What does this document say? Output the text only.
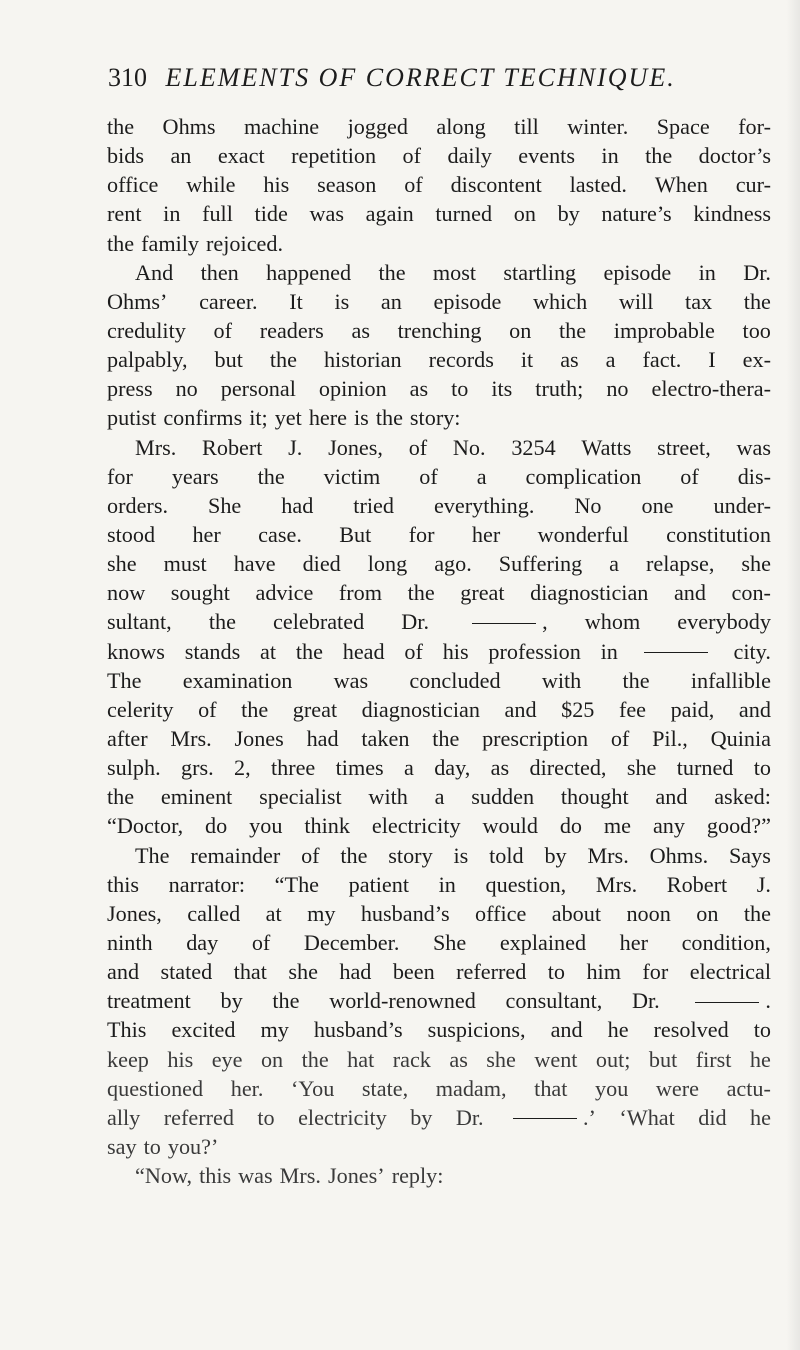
310 ELEMENTS OF CORRECT TECHNIQUE.
the Ohms machine jogged along till winter. Space for-
bids an exact repetition of daily events in the doctor’s
office while his season of discontent lasted. When cur-
rent in full tide was again turned on by nature’s kindness
the family rejoiced.
And then happened the most startling episode in Dr.
Ohms’ career. It is an episode which will tax the
credulity of readers as trenching on the improbable too
palpably, but the historian records it as a fact. I ex-
press no personal opinion as to its truth; no electro-thera-
putist confirms it; yet here is the story:
Mrs. Robert J. Jones, of No. 3254 Watts street, was
for years the victim of a complication of dis-
orders. She had tried everything. No one under-
stood her case. But for her wonderful constitution
she must have died long ago. Suffering a relapse, she
now sought advice from the great diagnostician and con-
sultant, the celebrated Dr.	, whom everybody
knows stands at the head of his profession in	city.
The examination was concluded with the infallible
celerity of the great diagnostician and $25 fee paid, and
after Mrs. Jones had taken the prescription of Pil., Quinia
sulph. grs. 2, three times a day, as directed, she turned to
the eminent specialist with a sudden thought and asked:
“Doctor, do you think electricity would do me any good?”
The remainder of the story is told by Mrs. Ohms. Says
this narrator: “The patient in question, Mrs. Robert J.
Jones, called at my husband’s office about noon on the
ninth day of December. She explained her condition,
and stated that she had been referred to him for electrical
treatment by the world-renowned consultant, Dr.	.
This excited my husband’s suspicions, and he resolved to
keep his eye on the hat rack as she went out; but first he
questioned her. ‘You state, madam, that you were actu-
ally referred to electricity by Dr.	.’ ‘What did he
say to you?’
“Now, this was Mrs. Jones’ reply:
